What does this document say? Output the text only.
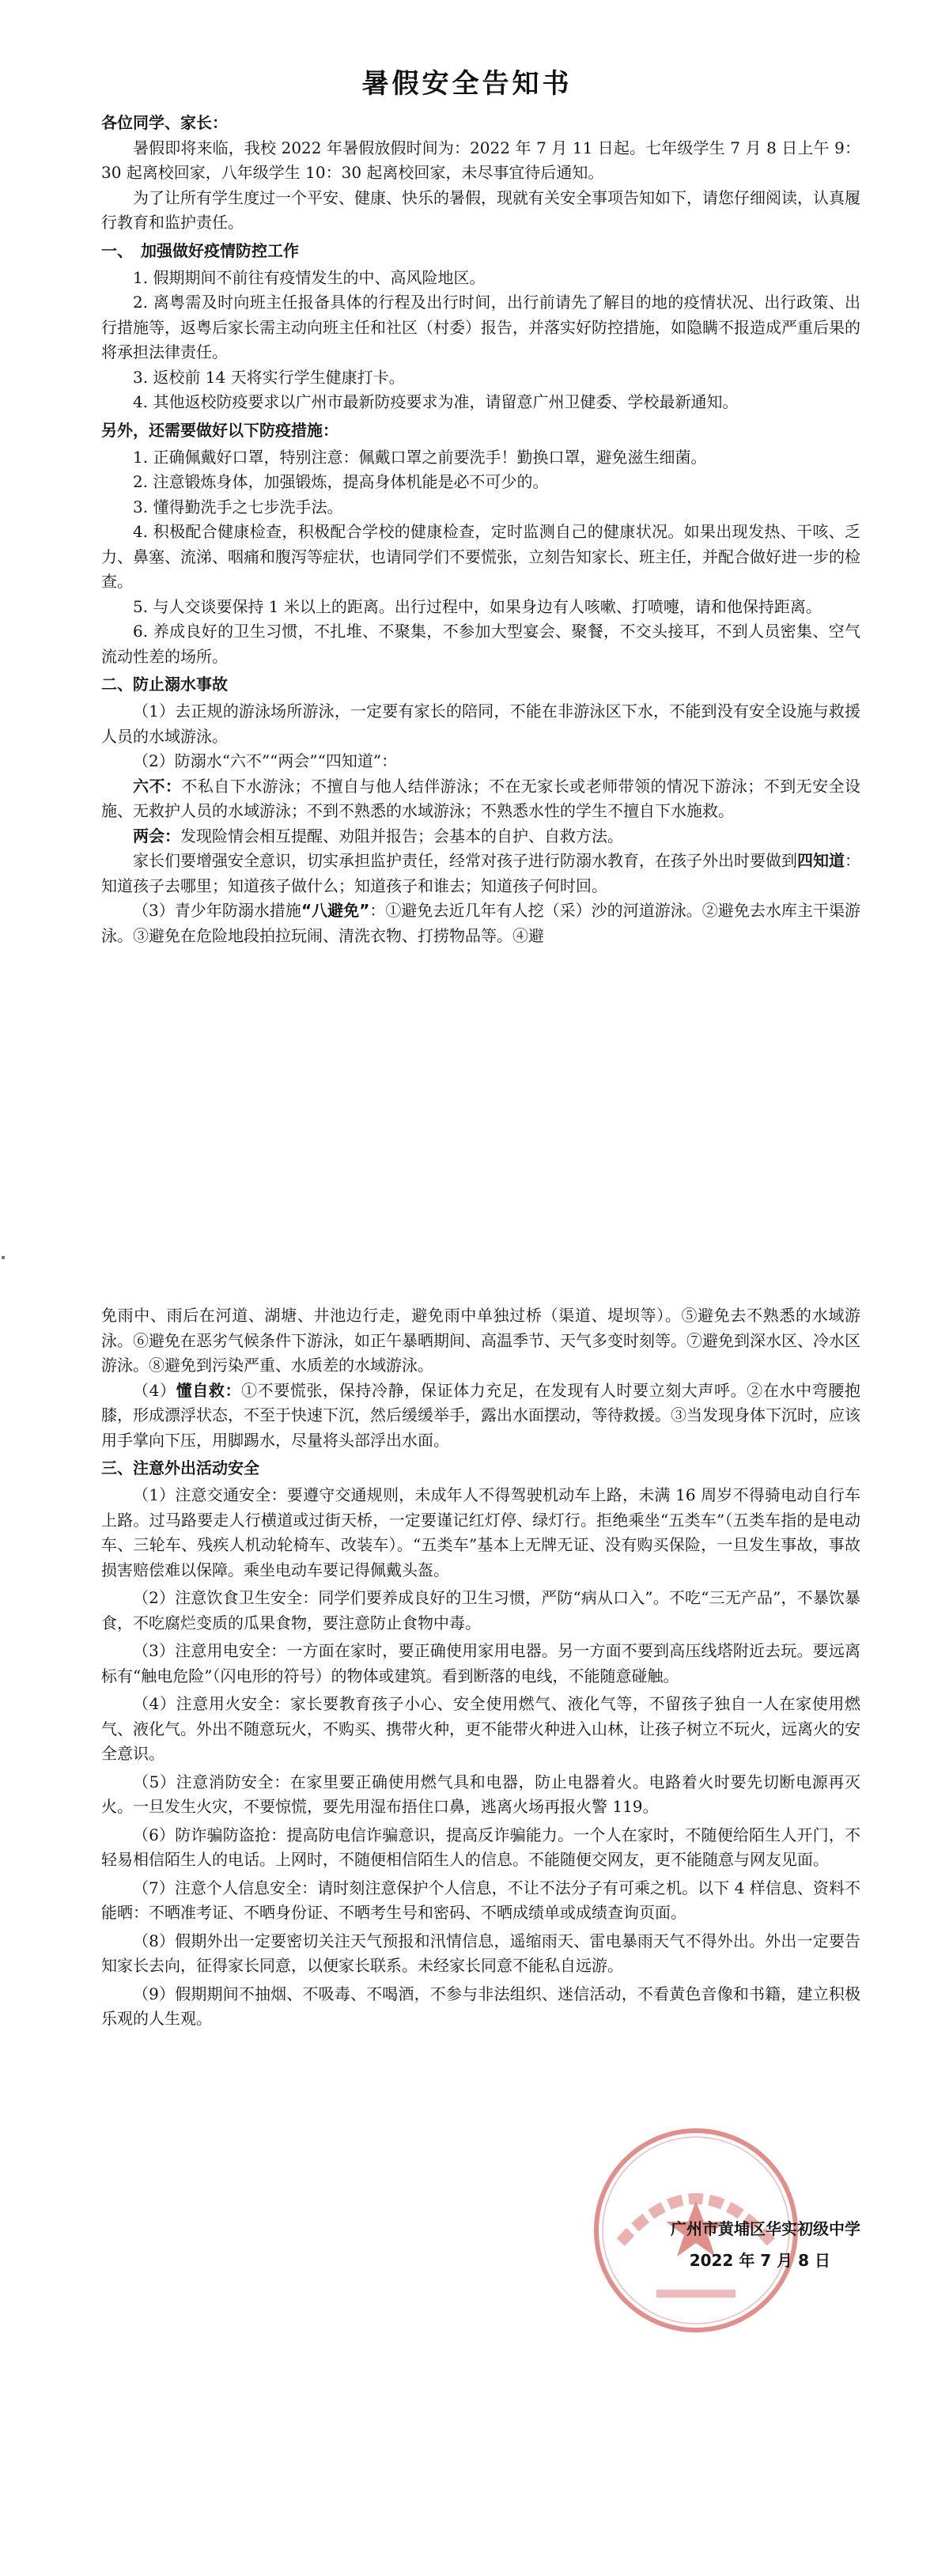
暑假安全告知书

各位同学、家长：

暑假即将来临，我校 2022 年暑假放假时间为：2022 年 7 月 11 日起。七年级学生 7 月 8 日上午 9：30 起离校回家，八年级学生 10：30 起离校回家，未尽事宜待后通知。

为了让所有学生度过一个平安、健康、快乐的暑假，现就有关安全事项告知如下，请您仔细阅读，认真履行教育和监护责任。

一、　加强做好疫情防控工作

1. 假期期间不前往有疫情发生的中、高风险地区。

2. 离粤需及时向班主任报备具体的行程及出行时间，出行前请先了解目的地的疫情状况、出行政策、出行措施等，返粤后家长需主动向班主任和社区（村委）报告，并落实好防控措施，如隐瞒不报造成严重后果的将承担法律责任。

3. 返校前 14 天将实行学生健康打卡。

4. 其他返校防疫要求以广州市最新防疫要求为准，请留意广州卫健委、学校最新通知。

另外，还需要做好以下防疫措施：

1. 正确佩戴好口罩，特别注意：佩戴口罩之前要洗手！勤换口罩，避免滋生细菌。

2. 注意锻炼身体，加强锻炼，提高身体机能是必不可少的。

3. 懂得勤洗手之七步洗手法。

4. 积极配合健康检查，积极配合学校的健康检查，定时监测自己的健康状况。如果出现发热、干咳、乏力、鼻塞、流涕、咽痛和腹泻等症状，也请同学们不要慌张，立刻告知家长、班主任，并配合做好进一步的检查。

5. 与人交谈要保持 1 米以上的距离。出行过程中，如果身边有人咳嗽、打喷嚏，请和他保持距离。

6. 养成良好的卫生习惯，不扎堆、不聚集，不参加大型宴会、聚餐，不交头接耳，不到人员密集、空气流动性差的场所。

二、防止溺水事故

（1）去正规的游泳场所游泳，一定要有家长的陪同，不能在非游泳区下水，不能到没有安全设施与救援人员的水域游泳。

（2）防溺水“六不”“两会”“四知道”：

六不：不私自下水游泳；不擅自与他人结伴游泳；不在无家长或老师带领的情况下游泳；不到无安全设施、无救护人员的水域游泳；不到不熟悉的水域游泳；不熟悉水性的学生不擅自下水施救。

两会：发现险情会相互提醒、劝阻并报告；会基本的自护、自救方法。

家长们要增强安全意识，切实承担监护责任，经常对孩子进行防溺水教育，在孩子外出时要做到四知道：知道孩子去哪里；知道孩子做什么；知道孩子和谁去；知道孩子何时回。

（3）青少年防溺水措施“八避免”：①避免去近几年有人挖（采）沙的河道游泳。②避免去水库主干渠游泳。③避免在危险地段拍拉玩闹、清洗衣物、打捞物品等。④避

免雨中、雨后在河道、湖塘、井池边行走，避免雨中单独过桥（渠道、堤坝等）。⑤避免去不熟悉的水域游泳。⑥避免在恶劣气候条件下游泳，如正午暴晒期间、高温季节、天气多变时刻等。⑦避免到深水区、冷水区游泳。⑧避免到污染严重、水质差的水域游泳。

（4）懂自救：①不要慌张，保持冷静，保证体力充足，在发现有人时要立刻大声呼。②在水中弯腰抱膝，形成漂浮状态，不至于快速下沉，然后缓缓举手，露出水面摆动，等待救援。③当发现身体下沉时，应该用手掌向下压，用脚踢水，尽量将头部浮出水面。

三、注意外出活动安全

（1）注意交通安全：要遵守交通规则，未成年人不得驾驶机动车上路，未满 16 周岁不得骑电动自行车上路。过马路要走人行横道或过街天桥，一定要谨记红灯停、绿灯行。拒绝乘坐“五类车”（五类车指的是电动车、三轮车、残疾人机动轮椅车、改装车）。“五类车”基本上无牌无证、没有购买保险，一旦发生事故，事故损害赔偿难以保障。乘坐电动车要记得佩戴头盔。

（2）注意饮食卫生安全：同学们要养成良好的卫生习惯，严防“病从口入”。不吃“三无产品”，不暴饮暴食，不吃腐烂变质的瓜果食物，要注意防止食物中毒。

（3）注意用电安全：一方面在家时，要正确使用家用电器。另一方面不要到高压线塔附近去玩。要远离标有“触电危险”（闪电形的符号）的物体或建筑。看到断落的电线，不能随意碰触。

（4）注意用火安全：家长要教育孩子小心、安全使用燃气、液化气等，不留孩子独自一人在家使用燃气、液化气。外出不随意玩火，不购买、携带火种，更不能带火种进入山林，让孩子树立不玩火，远离火的安全意识。

（5）注意消防安全：在家里要正确使用燃气具和电器，防止电器着火。电路着火时要先切断电源再灭火。一旦发生火灾，不要惊慌，要先用湿布捂住口鼻，逃离火场再报火警 119。

（6）防诈骗防盗抢：提高防电信诈骗意识，提高反诈骗能力。一个人在家时，不随便给陌生人开门，不轻易相信陌生人的电话。上网时，不随便相信陌生人的信息。不能随便交网友，更不能随意与网友见面。

（7）注意个人信息安全：请时刻注意保护个人信息，不让不法分子有可乘之机。以下 4 样信息、资料不能晒：不晒准考证、不晒身份证、不晒考生号和密码、不晒成绩单或成绩查询页面。

（8）假期外出一定要密切关注天气预报和汛情信息，遥缩雨天、雷电暴雨天气不得外出。外出一定要告知家长去向，征得家长同意，以便家长联系。未经家长同意不能私自远游。

（9）假期期间不抽烟、不吸毒、不喝酒，不参与非法组织、迷信活动，不看黄色音像和书籍，建立积极乐观的人生观。

广州市黄埔区华实初级中学
2022 年 7 月 8 日
